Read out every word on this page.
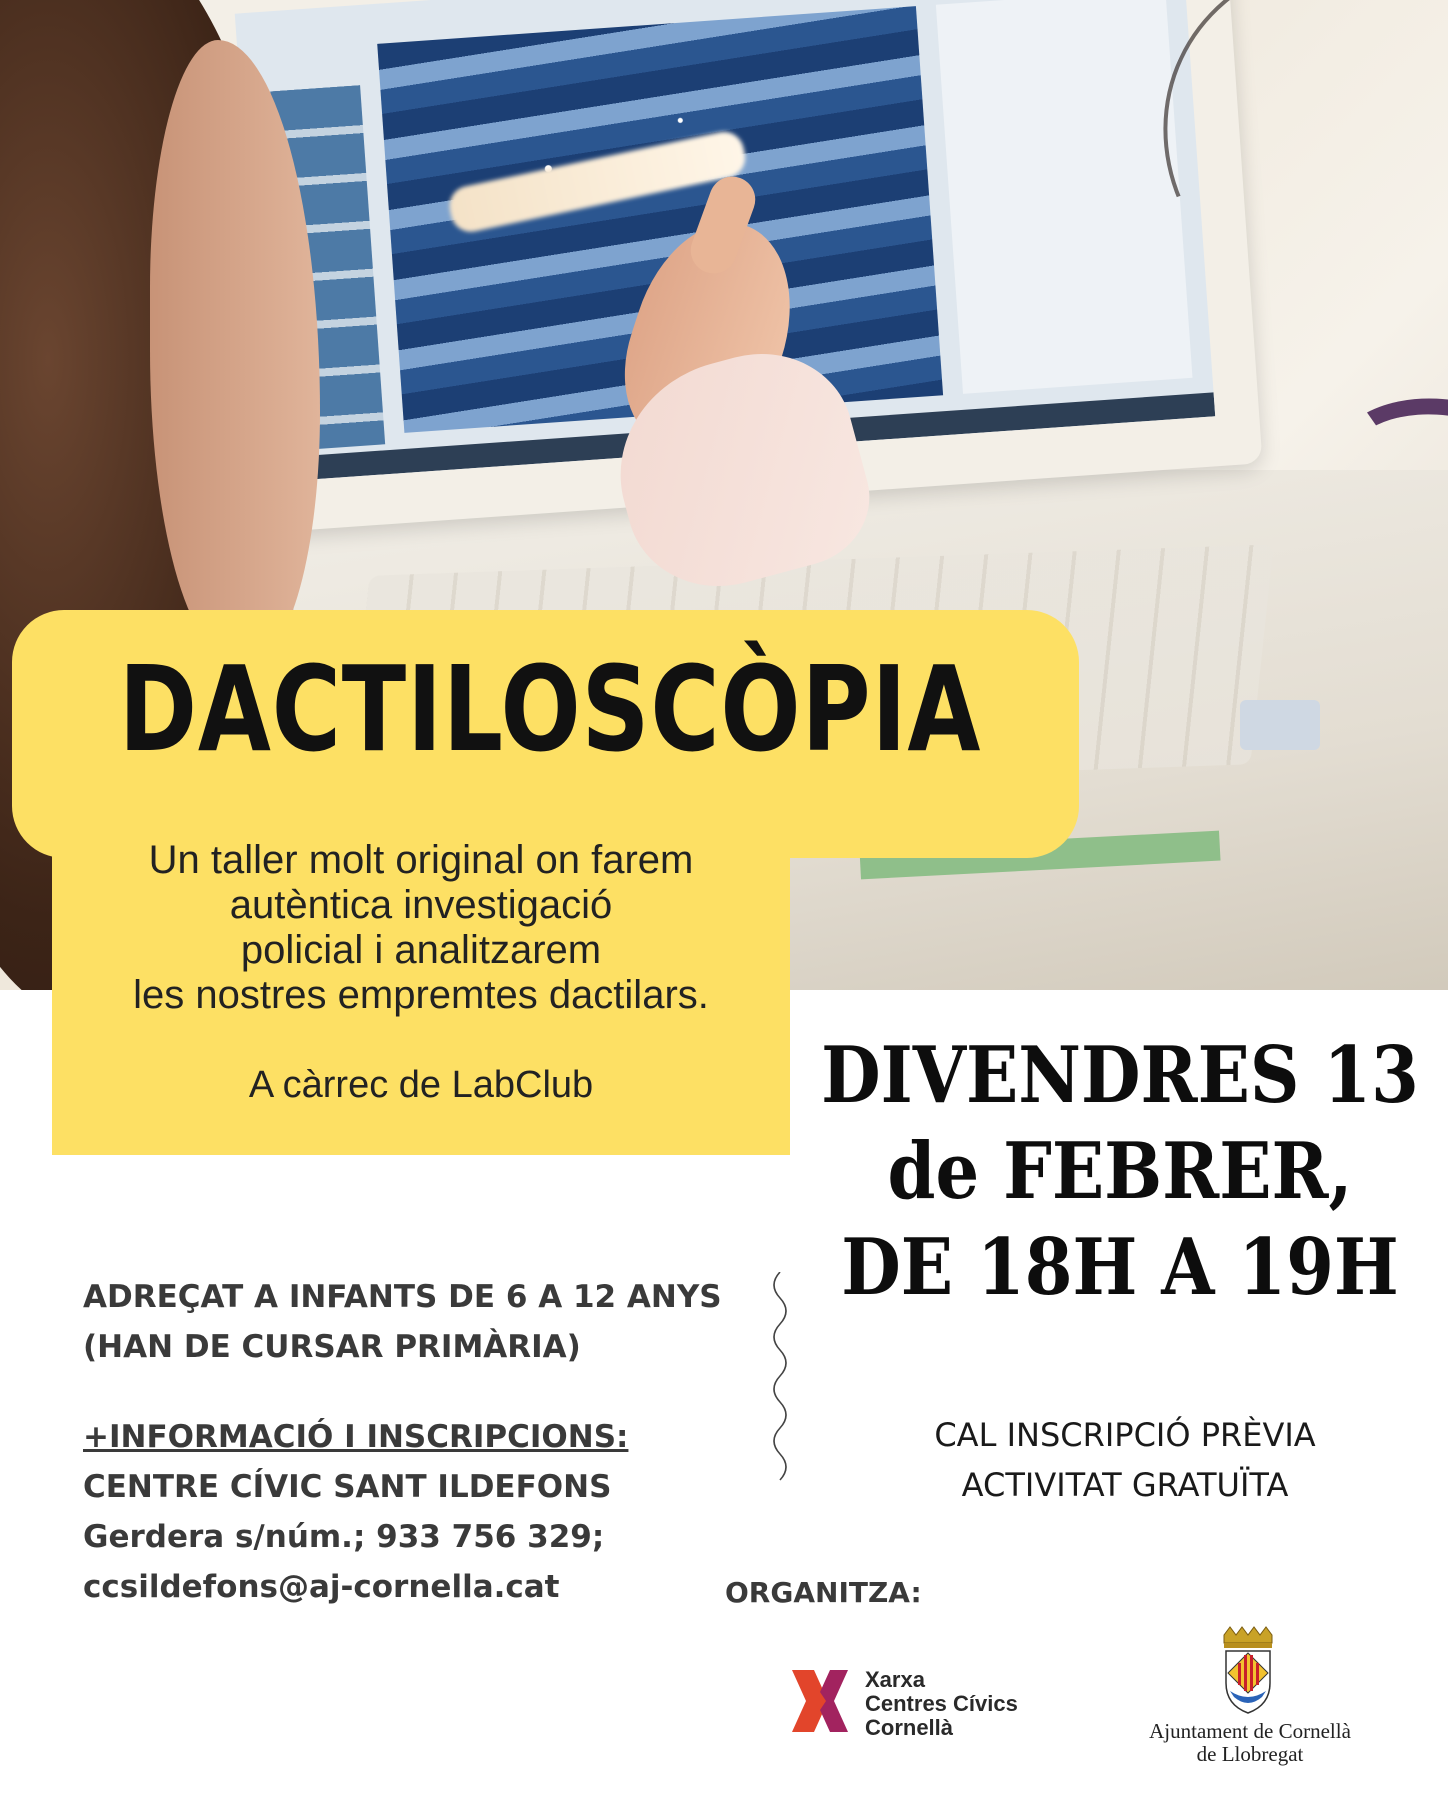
DACTILOSCÒPIA
Un taller molt original on farem
autèntica investigació
policial i analitzarem
les nostres empremtes dactilars.
A càrrec de LabClub	DIVENDRES 13
de FEBRER,
DE 18H A 19H
ADREÇAT A INFANTS DE 6 A 12 ANYS
(HAN DE CURSAR PRIMÀRIA)
+INFORMACIÓ I INSCRIPCIONS:
CENTRE CÍVIC SANT ILDEFONS
Gerdera s/núm.; 933 756 329;
ccsildefons@aj-cornella.cat
CAL INSCRIPCIÓ PRÈVIA
ACTIVITAT GRATUÏTA
ORGANITZA:
Xarxa
Centres Cívics
Cornellà	Ajuntament de Cornellà
de Llobregat
